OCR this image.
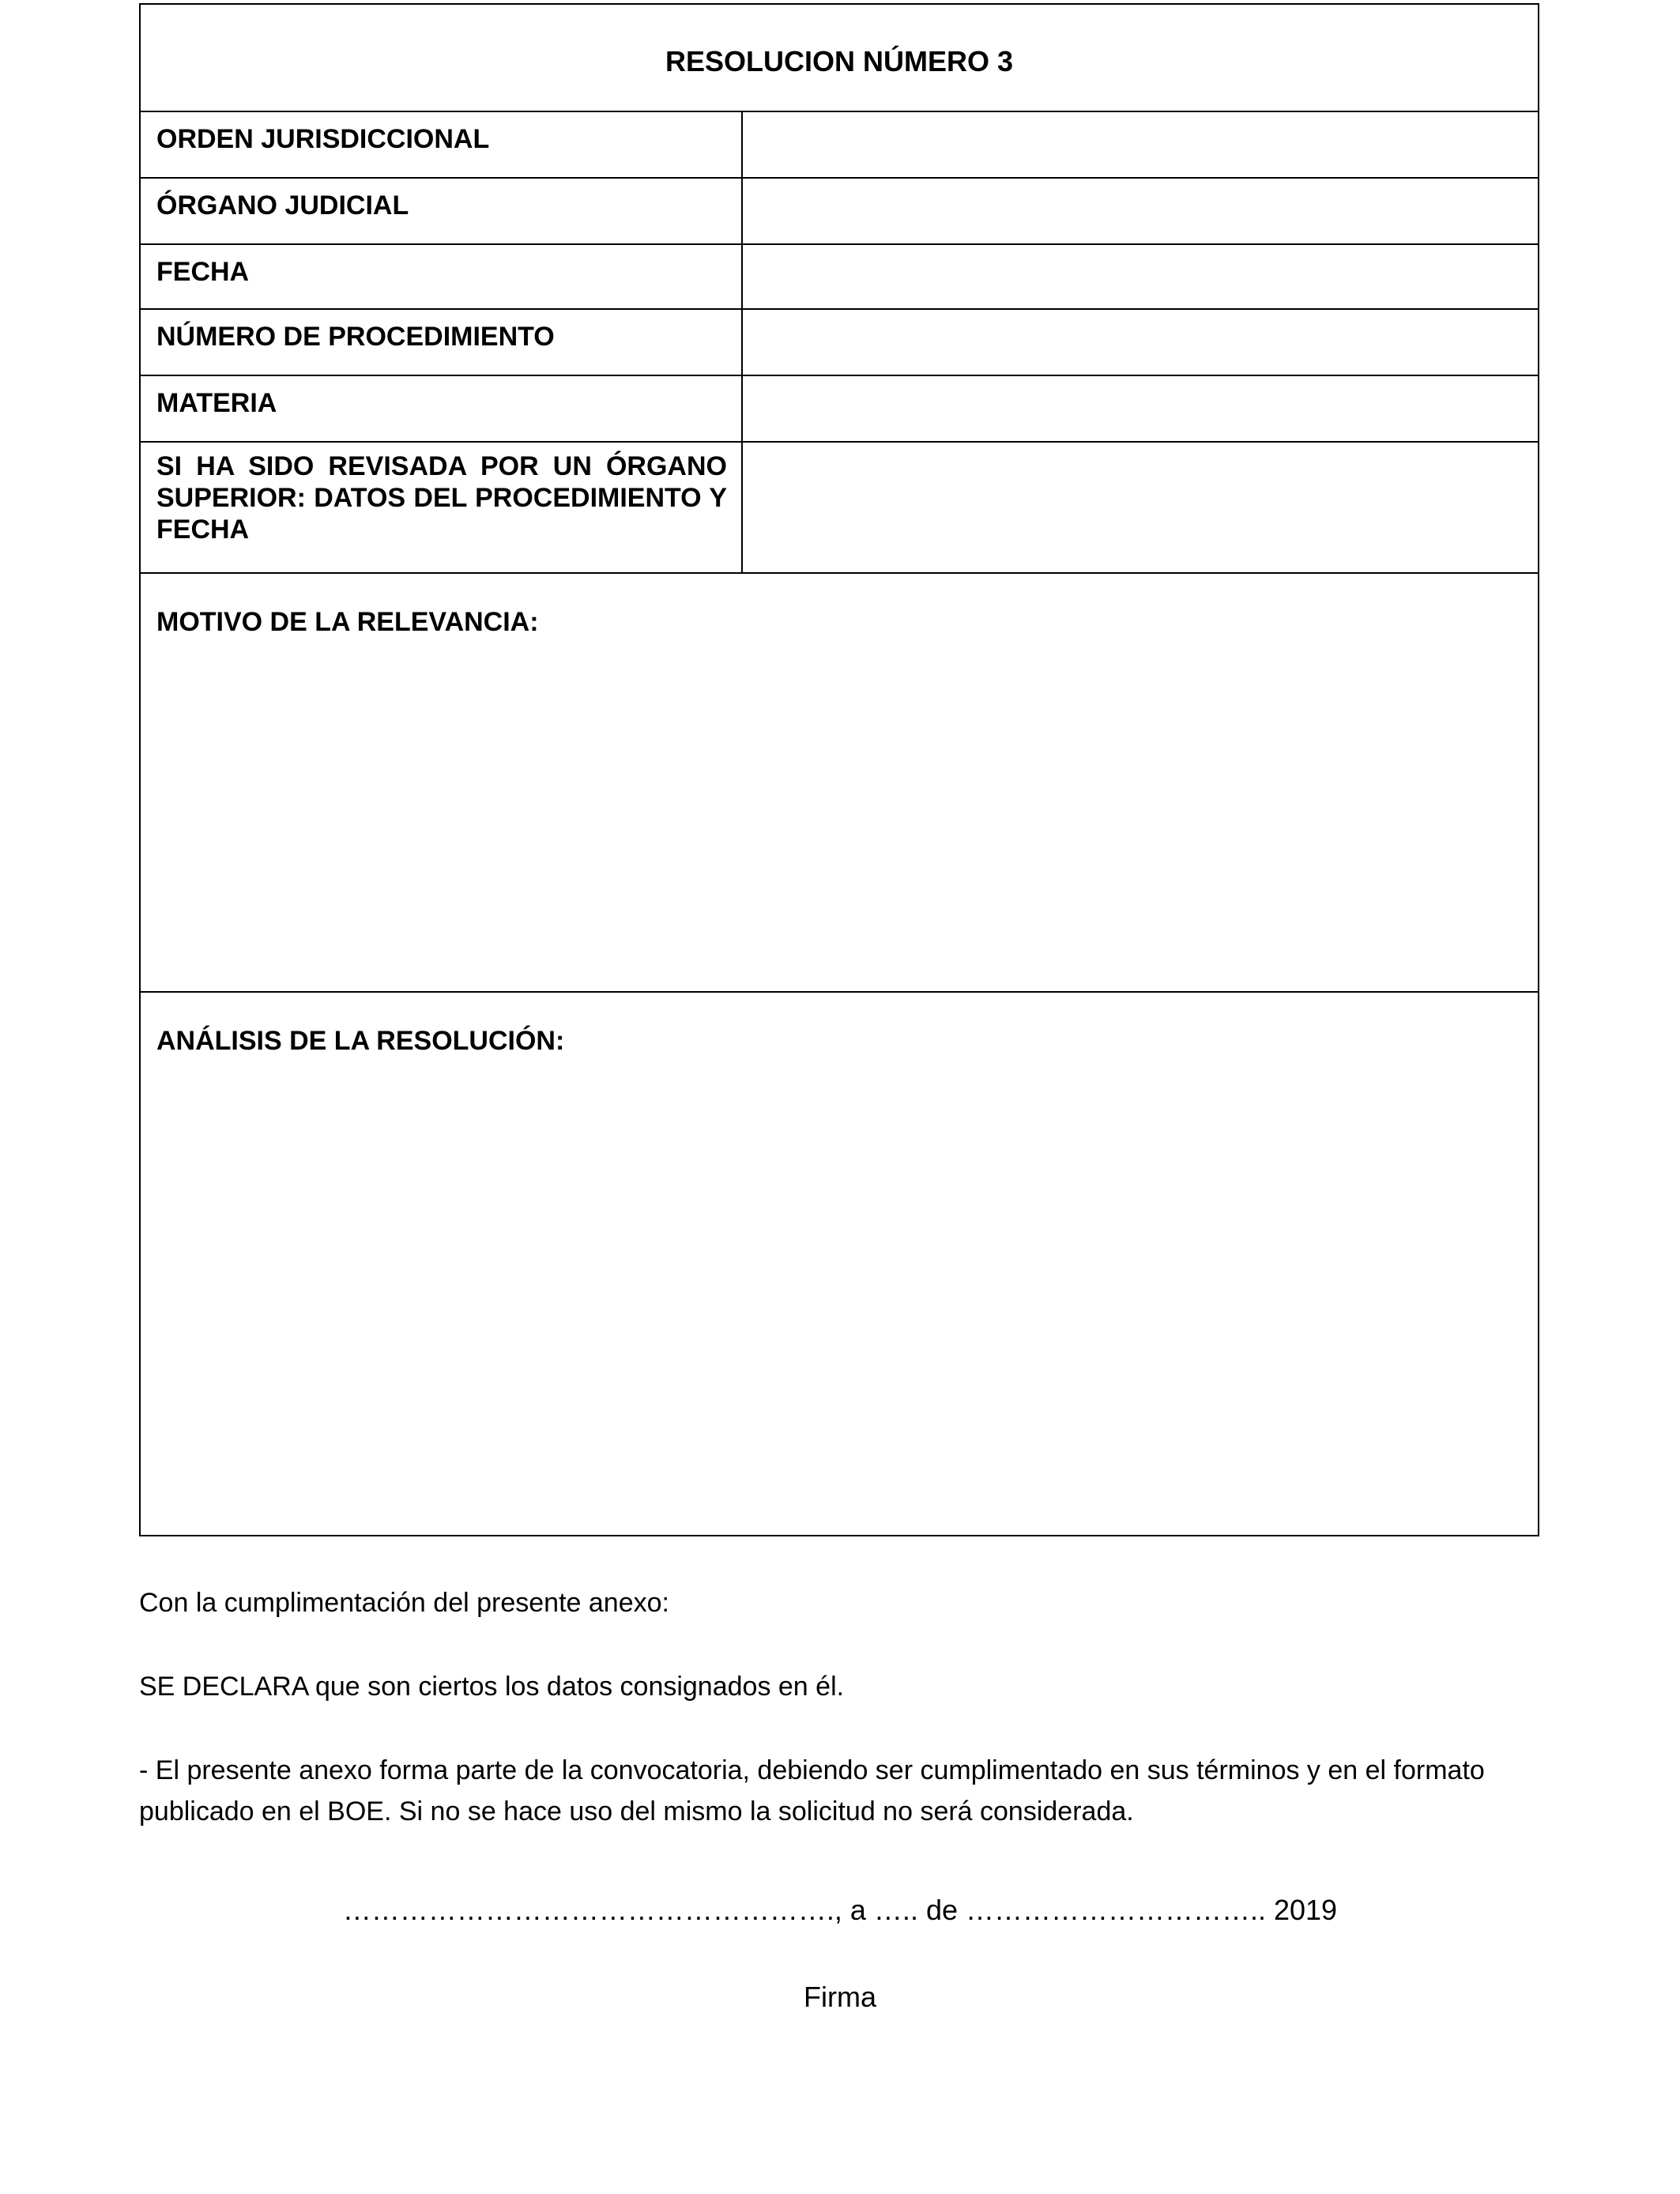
RESOLUCION NÚMERO 3
ORDEN JURISDICCIONAL
ÓRGANO JUDICIAL
FECHA
NÚMERO DE PROCEDIMIENTO
MATERIA
SI HA SIDO REVISADA POR UN ÓRGANO SUPERIOR: DATOS DEL PROCEDIMIENTO Y FECHA
MOTIVO DE LA RELEVANCIA:
ANÁLISIS DE LA RESOLUCIÓN:
Con la cumplimentación del presente anexo:
SE DECLARA que son ciertos los datos consignados en él.
- El presente anexo forma parte de la convocatoria, debiendo ser cumplimentado en sus términos y en el formato publicado en el BOE. Si no se hace uso del mismo la solicitud no será considerada.
……………………………………………., a ….. de ………………………….. 2019
Firma
